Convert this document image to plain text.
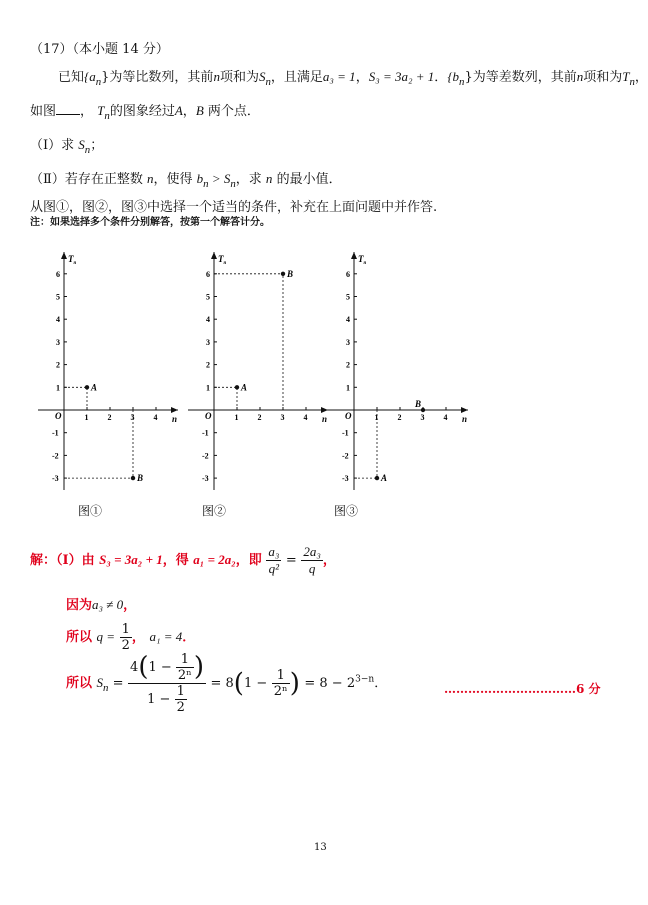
（17）（本小题 14 分）
已知$\{a_n\}$为等比数列，其前n项和为$S_n$，且满足a₃ = 1，S₃ = 3a₂ + 1．$\{b_n\}$为等差数列，其前n项和为$T_n$，
如图 ， $T_n$的图象经过A，B 两个点．
（Ⅰ）求 $S_n$；
（Ⅱ）若存在正整数 n，使得 $b_n > S_n$，求 n 的最小值．
从图①，图②，图③中选择一个适当的条件，补充在上面问题中并作答.
注：如果选择多个条件分别解答，按第一个解答计分。
$T_n$
n
O	1 2 3 4
6
5
4
3
2
1
-1
-2
-3
A
B
$T_n$
n
O	1 2 3 4
6
5
4
3
2
1
-1
-2
-3
A
B
$T_n$
n
O	1 2 3 4
6
5
4
3
2
1
-1
-2
-3	A
B
图①	图②	图③
解：（Ⅰ）由 S₃ = 3a₂ + 1，得 a₁ = 2a₂，即 $\frac{\text{a₃}}{\text{q²}} = \frac{\text{2a₃}}{q}$ ，
因为a₃ ≠ 0，
所以 $q = \frac{1}{2}$ ， a₁ = 4．
所以 $S_n = \frac{4(1 - \frac{1}{\text{2ⁿ}} )}{1 - \frac{1}{2}} = 8(1 - \frac{1}{\text{2ⁿ}}$ ) = $8 - 2^{3-n}$．	……………………………6 分
13
